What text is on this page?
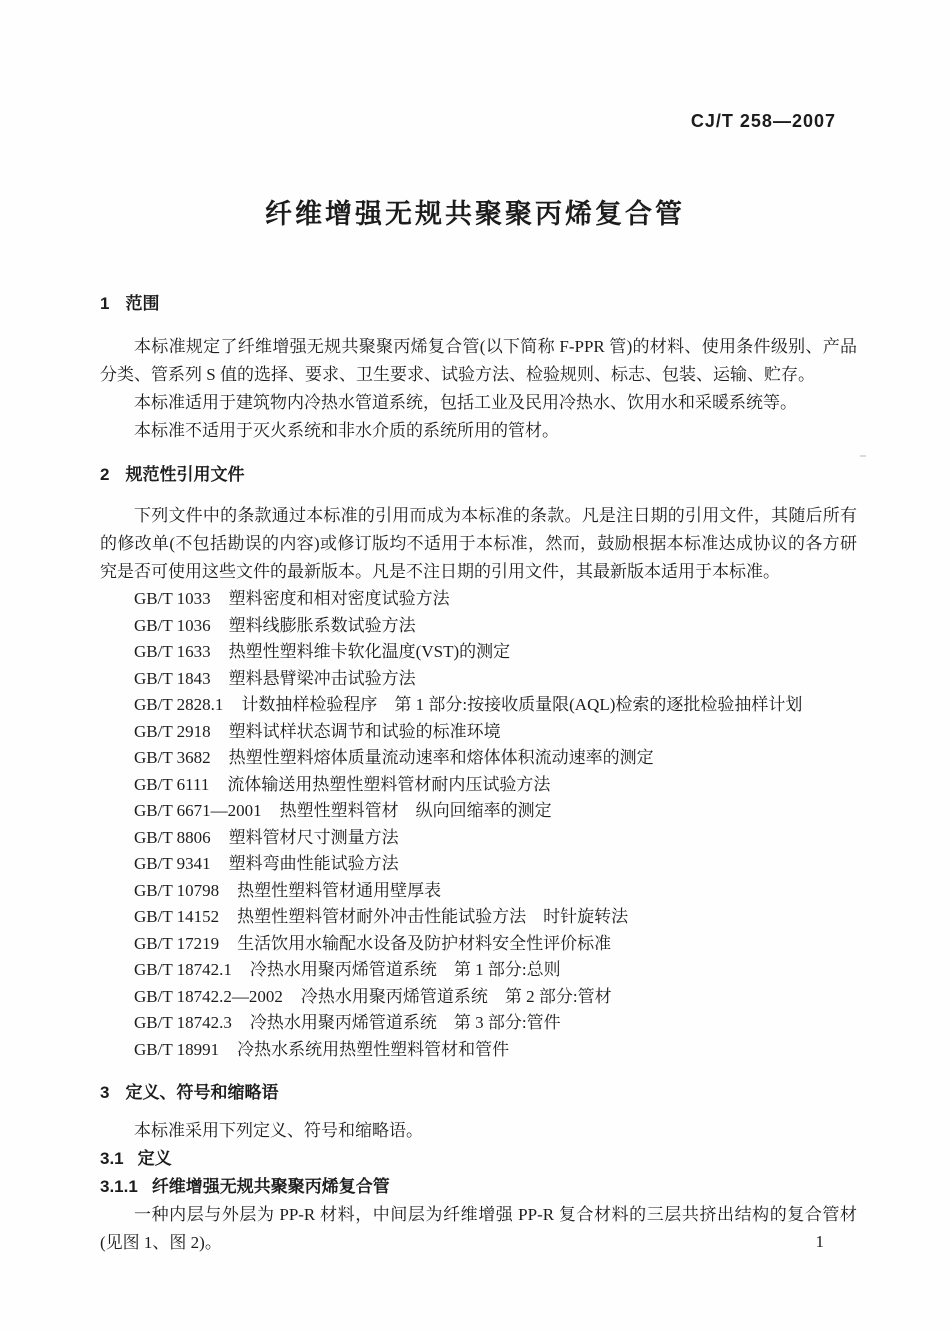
CJ/T 258—2007
纤维增强无规共聚聚丙烯复合管
1 范围

本标准规定了纤维增强无规共聚聚丙烯复合管(以下简称 F-PPR 管)的材料、使用条件级别、产品分类、管系列 S 值的选择、要求、卫生要求、试验方法、检验规则、标志、包装、运输、贮存。

本标准适用于建筑物内冷热水管道系统，包括工业及民用冷热水、饮用水和采暖系统等。

本标准不适用于灭火系统和非水介质的系统所用的管材。

2 规范性引用文件

下列文件中的条款通过本标准的引用而成为本标准的条款。凡是注日期的引用文件，其随后所有的修改单(不包括勘误的内容)或修订版均不适用于本标准，然而，鼓励根据本标准达成协议的各方研究是否可使用这些文件的最新版本。凡是不注日期的引用文件，其最新版本适用于本标准。

GB/T 1033 塑料密度和相对密度试验方法
GB/T 1036 塑料线膨胀系数试验方法
GB/T 1633 热塑性塑料维卡软化温度(VST)的测定
GB/T 1843 塑料悬臂梁冲击试验方法
GB/T 2828.1 计数抽样检验程序　第 1 部分:按接收质量限(AQL)检索的逐批检验抽样计划
GB/T 2918 塑料试样状态调节和试验的标准环境
GB/T 3682 热塑性塑料熔体质量流动速率和熔体体积流动速率的测定
GB/T 6111 流体输送用热塑性塑料管材耐内压试验方法
GB/T 6671—2001 热塑性塑料管材　纵向回缩率的测定
GB/T 8806 塑料管材尺寸测量方法
GB/T 9341 塑料弯曲性能试验方法
GB/T 10798 热塑性塑料管材通用壁厚表
GB/T 14152 热塑性塑料管材耐外冲击性能试验方法　时针旋转法
GB/T 17219 生活饮用水输配水设备及防护材料安全性评价标准
GB/T 18742.1 冷热水用聚丙烯管道系统　第 1 部分:总则
GB/T 18742.2—2002 冷热水用聚丙烯管道系统　第 2 部分:管材
GB/T 18742.3 冷热水用聚丙烯管道系统　第 3 部分:管件
GB/T 18991 冷热水系统用热塑性塑料管材和管件
3 定义、符号和缩略语

本标准采用下列定义、符号和缩略语。

3.1 定义
3.1.1 纤维增强无规共聚聚丙烯复合管

一种内层与外层为 PP-R 材料，中间层为纤维增强 PP-R 复合材料的三层共挤出结构的复合管材(见图 1、图 2)。	1
